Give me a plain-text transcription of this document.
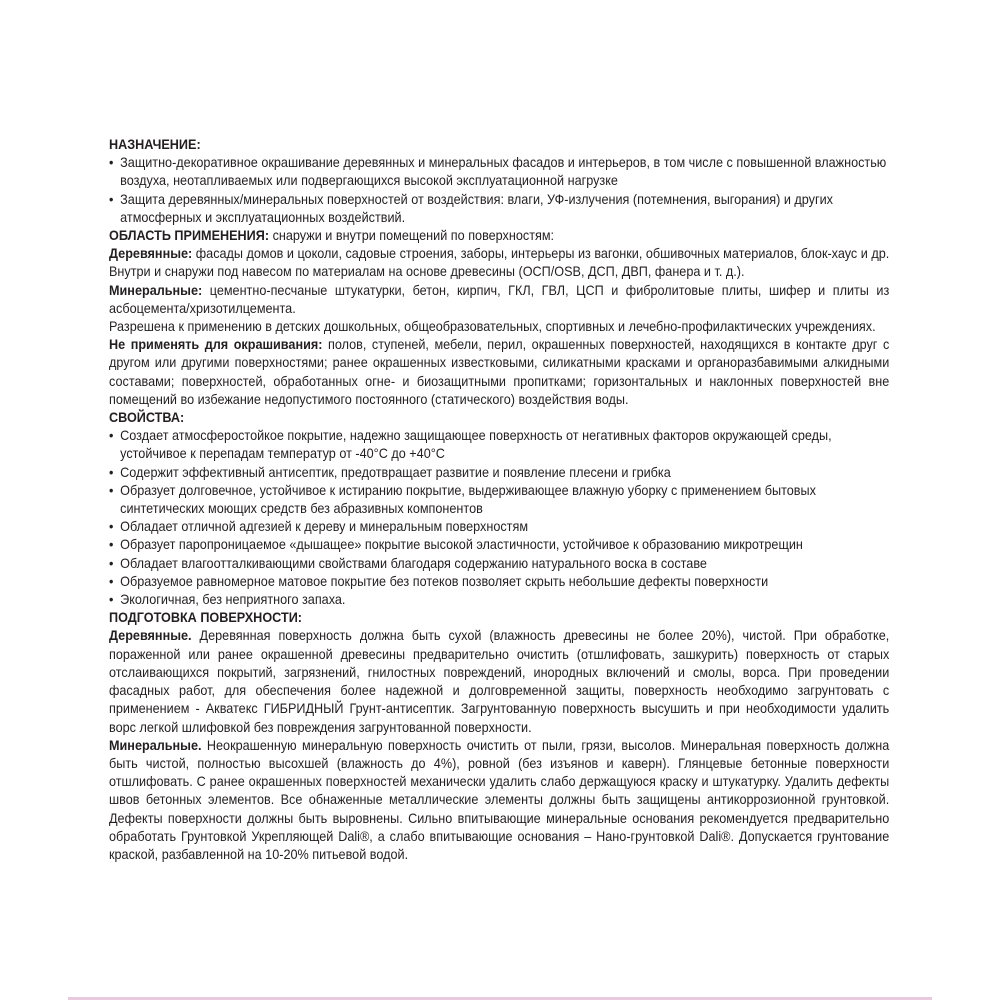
НАЗНАЧЕНИЕ:
• Защитно-декоративное окрашивание деревянных и минеральных фасадов и интерьеров, в том числе с повышенной влажностью воздуха, неотапливаемых или подвергающихся высокой эксплуатационной нагрузке
• Защита деревянных/минеральных поверхностей от воздействия: влаги, УФ-излучения (потемнения, выгорания) и других атмосферных и эксплуатационных воздействий.
ОБЛАСТЬ ПРИМЕНЕНИЯ: снаружи и внутри помещений по поверхностям:
Деревянные: фасады домов и цоколи, садовые строения, заборы, интерьеры из вагонки, обшивочных материалов, блок-хаус и др. Внутри и снаружи под навесом по материалам на основе древесины (ОСП/OSB, ДСП, ДВП, фанера и т. д.).
Минеральные: цементно-песчаные штукатурки, бетон, кирпич, ГКЛ, ГВЛ, ЦСП и фибролитовые плиты, шифер и плиты из асбоцемента/хризотилцемента.
Разрешена к применению в детских дошкольных, общеобразовательных, спортивных и лечебно-профилактических учреждениях.
Не применять для окрашивания: полов, ступеней, мебели, перил, окрашенных поверхностей, находящихся в контакте друг с другом или другими поверхностями; ранее окрашенных известковыми, силикатными красками и органоразбавимыми алкидными составами; поверхностей, обработанных огне- и биозащитными пропитками; горизонтальных и наклонных поверхностей вне помещений во избежание недопустимого постоянного (статического) воздействия воды.
СВОЙСТВА:
• Создает атмосферостойкое покрытие, надежно защищающее поверхность от негативных факторов окружающей среды, устойчивое к перепадам температур от -40°С до +40°С
• Содержит эффективный антисептик, предотвращает развитие и появление плесени и грибка
• Образует долговечное, устойчивое к истиранию покрытие, выдерживающее влажную уборку с применением бытовых синтетических моющих средств без абразивных компонентов
• Обладает отличной адгезией к дереву и минеральным поверхностям
• Образует паропроницаемое «дышащее» покрытие высокой эластичности, устойчивое к образованию микротрещин
• Обладает влагоотталкивающими свойствами благодаря содержанию натурального воска в составе
• Образуемое равномерное матовое покрытие без потеков позволяет скрыть небольшие дефекты поверхности
• Экологичная, без неприятного запаха.
ПОДГОТОВКА ПОВЕРХНОСТИ:
Деревянные. Деревянная поверхность должна быть сухой (влажность древесины не более 20%), чистой. При обработке, пораженной или ранее окрашенной древесины предварительно очистить (отшлифовать, зашкурить) поверхность от старых отслаивающихся покрытий, загрязнений, гнилостных повреждений, инородных включений и смолы, ворса. При проведении фасадных работ, для обеспечения более надежной и долговременной защиты, поверхность необходимо загрунтовать с применением - Акватекс ГИБРИДНЫЙ Грунт-антисептик. Загрунтованную поверхность высушить и при необходимости удалить ворс легкой шлифовкой без повреждения загрунтованной поверхности.
Минеральные. Неокрашенную минеральную поверхность очистить от пыли, грязи, высолов. Минеральная поверхность должна быть чистой, полностью высохшей (влажность до 4%), ровной (без изъянов и каверн). Глянцевые бетонные поверхности отшлифовать. С ранее окрашенных поверхностей механически удалить слабо держащуюся краску и штукатурку. Удалить дефекты швов бетонных элементов. Все обнаженные металлические элементы должны быть защищены антикоррозионной грунтовкой. Дефекты поверхности должны быть выровнены. Сильно впитывающие минеральные основания рекомендуется предварительно обработать Грунтовкой Укрепляющей Dali®, а слабо впитывающие основания – Нано-грунтовкой Dali®. Допускается грунтование краской, разбавленной на 10-20% питьевой водой.
